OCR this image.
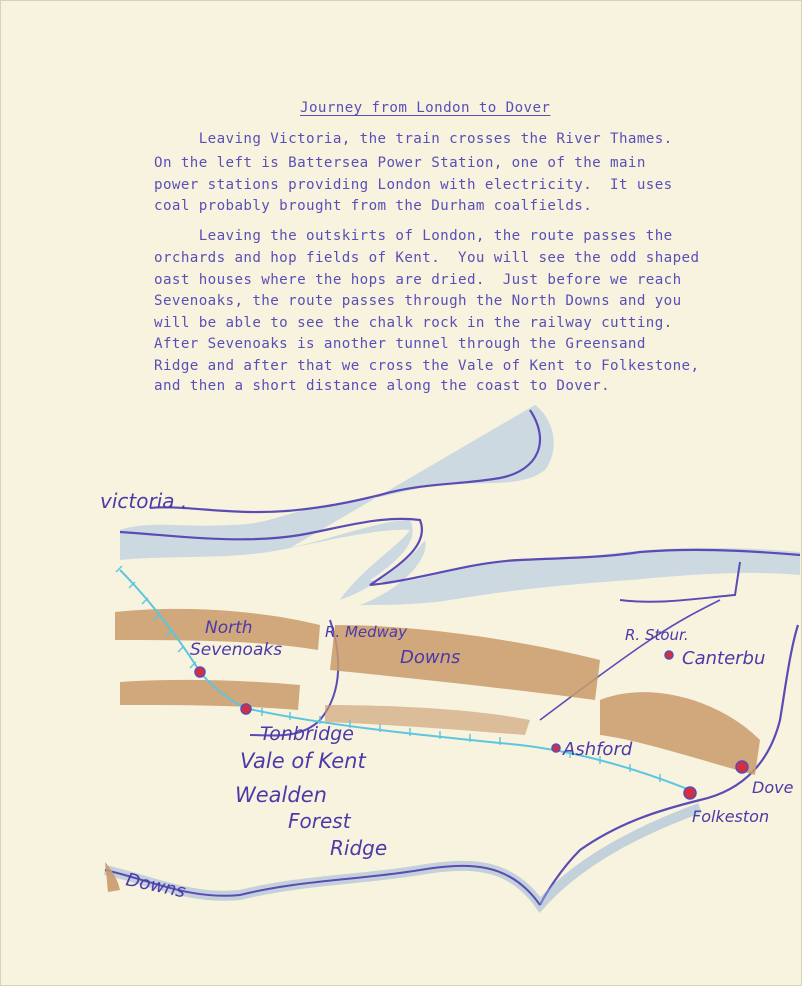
Journey from London to Dover
Leaving Victoria, the train crosses the River Thames.
On the left is Battersea Power Station, one of the main
power stations providing London with electricity.  It uses
coal probably brought from the Durham coalfields.
Leaving the outskirts of London, the route passes the
orchards and hop fields of Kent.  You will see the odd shaped
oast houses where the hops are dried.  Just before we reach
Sevenoaks, the route passes through the North Downs and you
will be able to see the chalk rock in the railway cutting.
After Sevenoaks is another tunnel through the Greensand
Ridge and after that we cross the Vale of Kent to Folkestone,
and then a short distance along the coast to Dover.
victoria .
North
Sevenoaks
R. Medway
Downs
R. Stour.
Canterbu
Tonbridge
Vale of Kent	Ashford
Wealden
Forest
Ridge
Dove
Folkeston
Downs
